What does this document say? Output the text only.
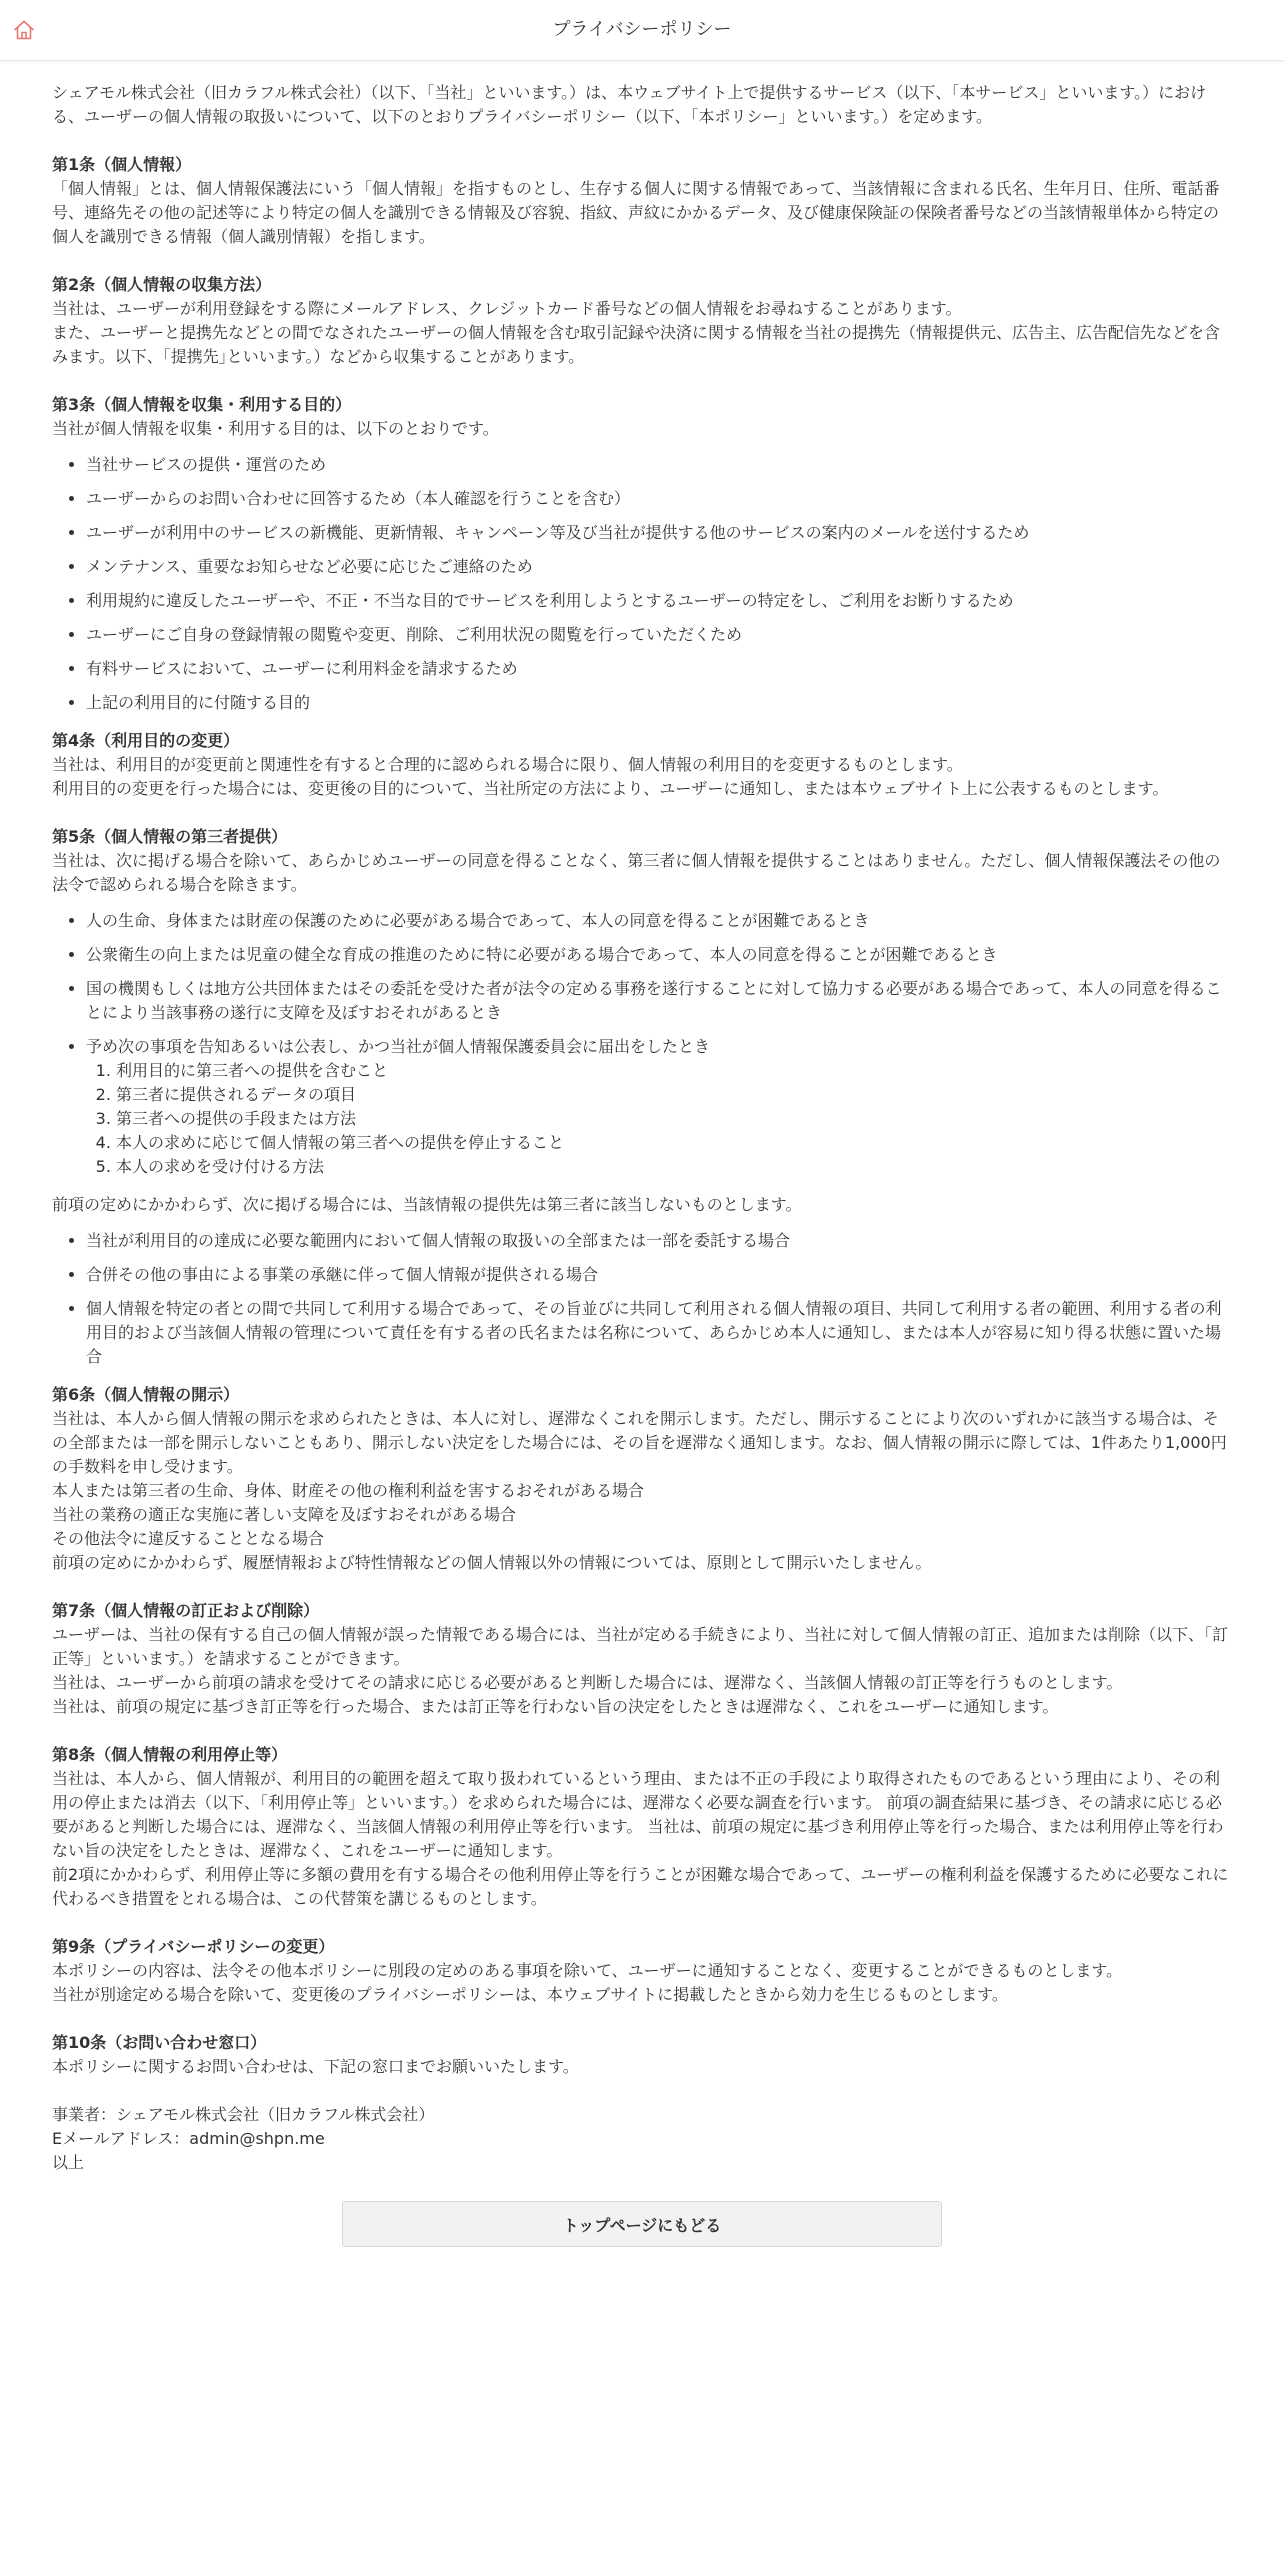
プライバシーポリシー

シェアモル株式会社（旧カラフル株式会社）（以下、「当社」といいます。）は、本ウェブサイト上で提供するサービス（以下、「本サービス」といいます。）における、ユーザーの個人情報の取扱いについて、以下のとおりプライバシーポリシー（以下、「本ポリシー」といいます。）を定めます。

第1条（個人情報）

「個人情報」とは、個人情報保護法にいう「個人情報」を指すものとし、生存する個人に関する情報であって、当該情報に含まれる氏名、生年月日、住所、電話番号、連絡先その他の記述等により特定の個人を識別できる情報及び容貌、指紋、声紋にかかるデータ、及び健康保険証の保険者番号などの当該情報単体から特定の個人を識別できる情報（個人識別情報）を指します。

第2条（個人情報の収集方法）

当社は、ユーザーが利用登録をする際にメールアドレス、クレジットカード番号などの個人情報をお尋ねすることがあります。

また、ユーザーと提携先などとの間でなされたユーザーの個人情報を含む取引記録や決済に関する情報を当社の提携先（情報提供元、広告主、広告配信先などを含みます。以下、｢提携先｣といいます。）などから収集することがあります。

第3条（個人情報を収集・利用する目的）

当社が個人情報を収集・利用する目的は、以下のとおりです。

• 当社サービスの提供・運営のため
• ユーザーからのお問い合わせに回答するため（本人確認を行うことを含む）
• ユーザーが利用中のサービスの新機能、更新情報、キャンペーン等及び当社が提供する他のサービスの案内のメールを送付するため
• メンテナンス、重要なお知らせなど必要に応じたご連絡のため
• 利用規約に違反したユーザーや、不正・不当な目的でサービスを利用しようとするユーザーの特定をし、ご利用をお断りするため
• ユーザーにご自身の登録情報の閲覧や変更、削除、ご利用状況の閲覧を行っていただくため
• 有料サービスにおいて、ユーザーに利用料金を請求するため
• 上記の利用目的に付随する目的

第4条（利用目的の変更）

当社は、利用目的が変更前と関連性を有すると合理的に認められる場合に限り、個人情報の利用目的を変更するものとします。

利用目的の変更を行った場合には、変更後の目的について、当社所定の方法により、ユーザーに通知し、または本ウェブサイト上に公表するものとします。

第5条（個人情報の第三者提供）

当社は、次に掲げる場合を除いて、あらかじめユーザーの同意を得ることなく、第三者に個人情報を提供することはありません。ただし、個人情報保護法その他の法令で認められる場合を除きます。

• 人の生命、身体または財産の保護のために必要がある場合であって、本人の同意を得ることが困難であるとき
• 公衆衛生の向上または児童の健全な育成の推進のために特に必要がある場合であって、本人の同意を得ることが困難であるとき
• 国の機関もしくは地方公共団体またはその委託を受けた者が法令の定める事務を遂行することに対して協力する必要がある場合であって、本人の同意を得ることにより当該事務の遂行に支障を及ぼすおそれがあるとき
• 予め次の事項を告知あるいは公表し、かつ当社が個人情報保護委員会に届出をしたとき
1. 利用目的に第三者への提供を含むこと
2. 第三者に提供されるデータの項目
3. 第三者への提供の手段または方法
4. 本人の求めに応じて個人情報の第三者への提供を停止すること
5. 本人の求めを受け付ける方法

前項の定めにかかわらず、次に掲げる場合には、当該情報の提供先は第三者に該当しないものとします。

• 当社が利用目的の達成に必要な範囲内において個人情報の取扱いの全部または一部を委託する場合
• 合併その他の事由による事業の承継に伴って個人情報が提供される場合
• 個人情報を特定の者との間で共同して利用する場合であって、その旨並びに共同して利用される個人情報の項目、共同して利用する者の範囲、利用する者の利用目的および当該個人情報の管理について責任を有する者の氏名または名称について、あらかじめ本人に通知し、または本人が容易に知り得る状態に置いた場合

第6条（個人情報の開示）

当社は、本人から個人情報の開示を求められたときは、本人に対し、遅滞なくこれを開示します。ただし、開示することにより次のいずれかに該当する場合は、その全部または一部を開示しないこともあり、開示しない決定をした場合には、その旨を遅滞なく通知します。なお、個人情報の開示に際しては、1件あたり1,000円の手数料を申し受けます。

本人または第三者の生命、身体、財産その他の権利利益を害するおそれがある場合

当社の業務の適正な実施に著しい支障を及ぼすおそれがある場合

その他法令に違反することとなる場合

前項の定めにかかわらず、履歴情報および特性情報などの個人情報以外の情報については、原則として開示いたしません。

第7条（個人情報の訂正および削除）

ユーザーは、当社の保有する自己の個人情報が誤った情報である場合には、当社が定める手続きにより、当社に対して個人情報の訂正、追加または削除（以下、「訂正等」といいます。）を請求することができます。

当社は、ユーザーから前項の請求を受けてその請求に応じる必要があると判断した場合には、遅滞なく、当該個人情報の訂正等を行うものとします。

当社は、前項の規定に基づき訂正等を行った場合、または訂正等を行わない旨の決定をしたときは遅滞なく、これをユーザーに通知します。

第8条（個人情報の利用停止等）

当社は、本人から、個人情報が、利用目的の範囲を超えて取り扱われているという理由、または不正の手段により取得されたものであるという理由により、その利用の停止または消去（以下、「利用停止等」といいます。）を求められた場合には、遅滞なく必要な調査を行います。 前項の調査結果に基づき、その請求に応じる必要があると判断した場合には、遅滞なく、当該個人情報の利用停止等を行います。 当社は、前項の規定に基づき利用停止等を行った場合、または利用停止等を行わない旨の決定をしたときは、遅滞なく、これをユーザーに通知します。

前2項にかかわらず、利用停止等に多額の費用を有する場合その他利用停止等を行うことが困難な場合であって、ユーザーの権利利益を保護するために必要なこれに代わるべき措置をとれる場合は、この代替策を講じるものとします。

第9条（プライバシーポリシーの変更）

本ポリシーの内容は、法令その他本ポリシーに別段の定めのある事項を除いて、ユーザーに通知することなく、変更することができるものとします。

当社が別途定める場合を除いて、変更後のプライバシーポリシーは、本ウェブサイトに掲載したときから効力を生じるものとします。

第10条（お問い合わせ窓口）

本ポリシーに関するお問い合わせは、下記の窓口までお願いいたします。

事業者：シェアモル株式会社（旧カラフル株式会社）

Eメールアドレス：admin@shpn.me

以上

トップページにもどる
